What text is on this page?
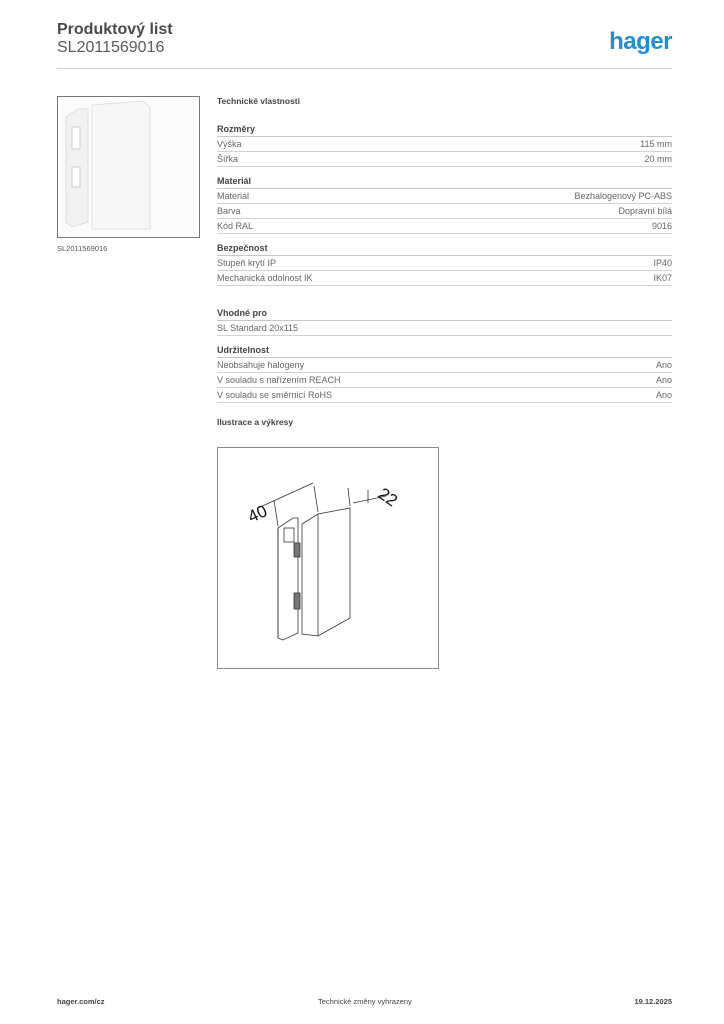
Produktový list
SL2011569016	hager
SL2011569016
Technické vlastnosti
Rozměry
Výška	115 mm
Šířka	20 mm
Materiál
Materiál	Bezhalogenový PC-ABS
Barva	Dopravní bílá
Kód RAL	9016
Bezpečnost
Stupeň krytí IP	IP40
Mechanická odolnost IK	IK07
Vhodné pro
SL Standard 20x115
Udržitelnost
Neobsahuje halogeny	Ano
V souladu s nařízením REACH	Ano
V souladu se směrnicí RoHS	Ano
Ilustrace a výkresy
40
22
hager.com/cz	Technické změny vyhrazeny	19.12.2025
